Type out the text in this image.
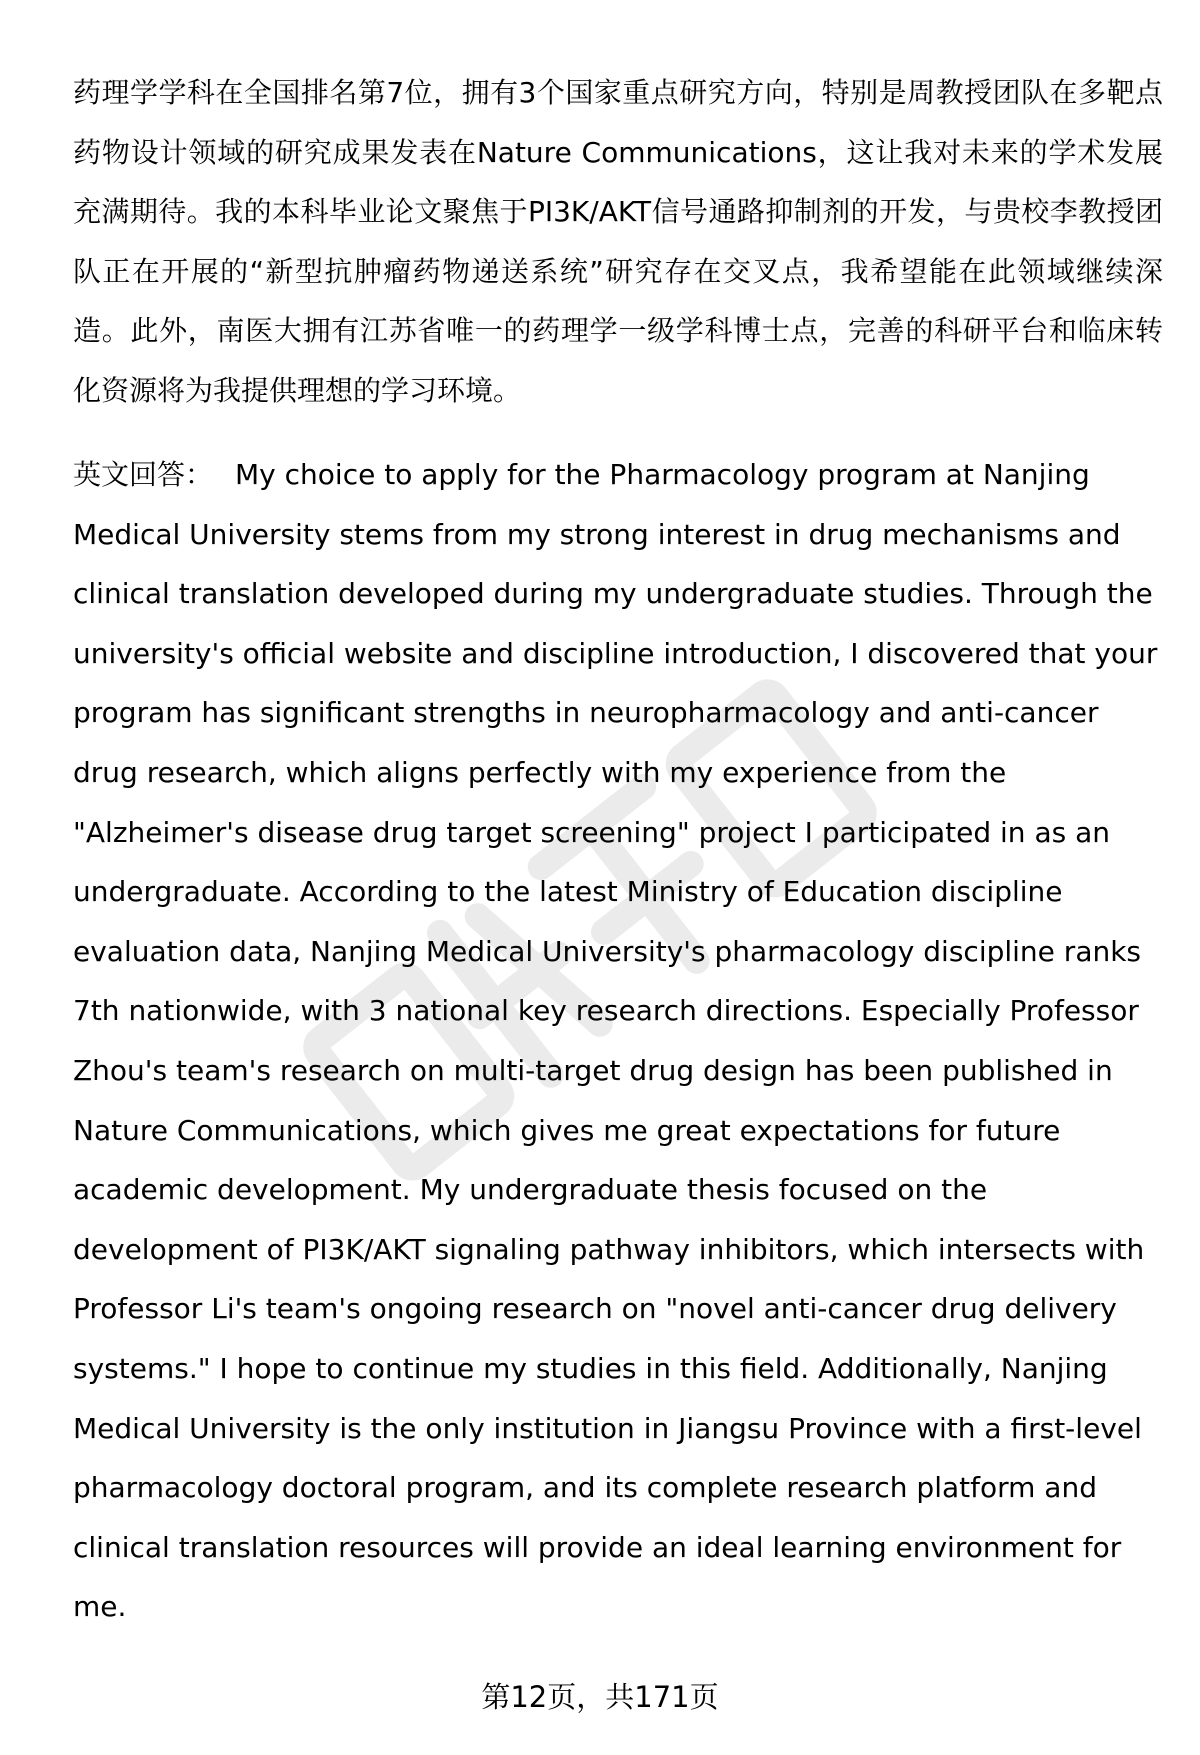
药理学学科在全国排名第7位，拥有3个国家重点研究方向，特别是周教授团队在多靶点药物设计领域的研究成果发表在Nature Communications，这让我对未来的学术发展充满期待。我的本科毕业论文聚焦于PI3K/AKT信号通路抑制剂的开发，与贵校李教授团队正在开展的“新型抗肿瘤药物递送系统”研究存在交叉点，我希望能在此领域继续深造。此外，南医大拥有江苏省唯一的药理学一级学科博士点，完善的科研平台和临床转化资源将为我提供理想的学习环境。

英文回答： My choice to apply for the Pharmacology program at Nanjing Medical University stems from my strong interest in drug mechanisms and clinical translation developed during my undergraduate studies. Through the university's official website and discipline introduction, I discovered that your program has significant strengths in neuropharmacology and anti-cancer drug research, which aligns perfectly with my experience from the "Alzheimer's disease drug target screening" project I participated in as an undergraduate. According to the latest Ministry of Education discipline evaluation data, Nanjing Medical University's pharmacology discipline ranks 7th nationwide, with 3 national key research directions. Especially Professor Zhou's team's research on multi-target drug design has been published in Nature Communications, which gives me great expectations for future academic development. My undergraduate thesis focused on the development of PI3K/AKT signaling pathway inhibitors, which intersects with Professor Li's team's ongoing research on "novel anti-cancer drug delivery systems." I hope to continue my studies in this field. Additionally, Nanjing Medical University is the only institution in Jiangsu Province with a first-level pharmacology doctoral program, and its complete research platform and clinical translation resources will provide an ideal learning environment for me.

第12页，共171页
